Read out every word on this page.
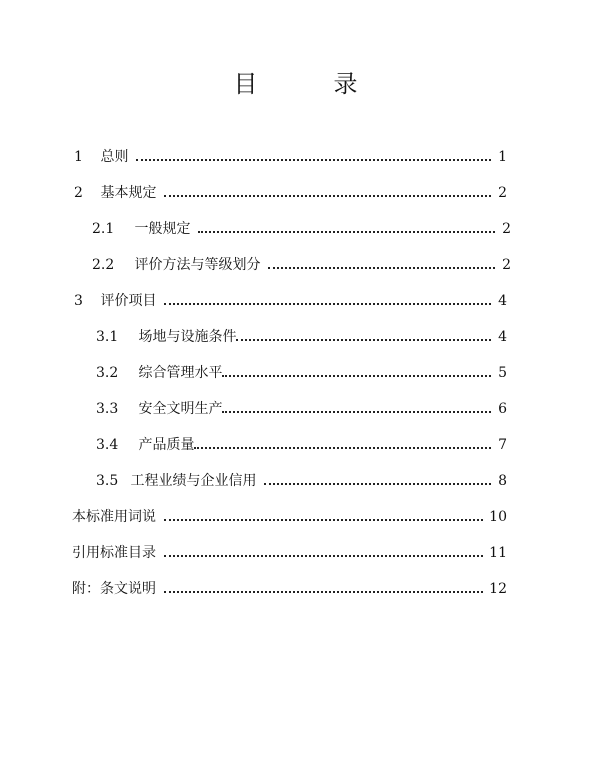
目　录
1 总则	1
2 基本规定	2
2.1 一般规定	2
2.2 评价方法与等级划分	2
3 评价项目	4
3.1 场地与设施条件	4
3.2 综合管理水平	5
3.3 安全文明生产	6
3.4 产品质量	7
3.5 工程业绩与企业信用	8
本标准用词说	10
引用标准目录	11
附：条文说明	12
